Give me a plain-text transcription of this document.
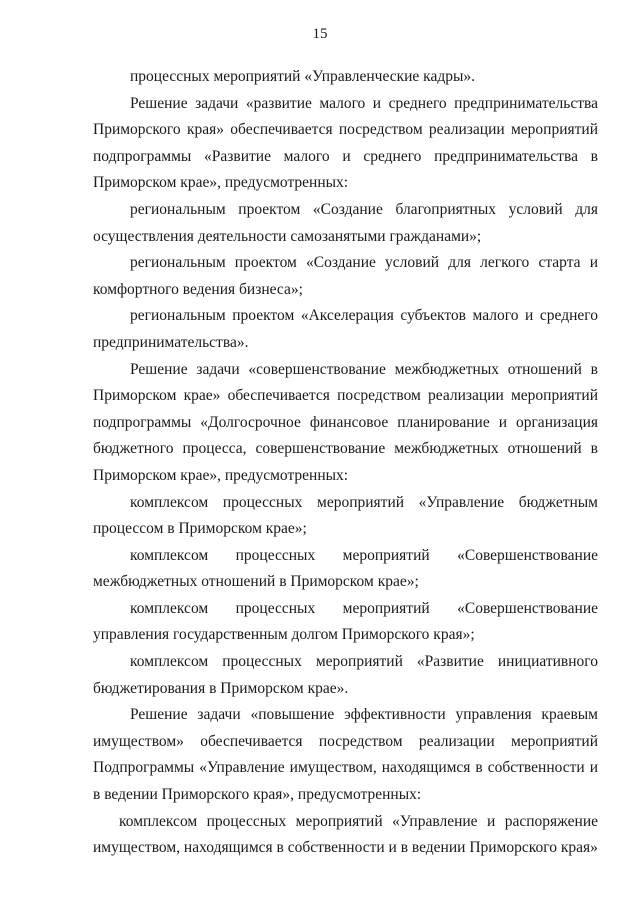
15

процессных мероприятий «Управленческие кадры».

Решение задачи «развитие малого и среднего предпринимательства Приморского края» обеспечивается посредством реализации мероприятий подпрограммы «Развитие малого и среднего предпринимательства в Приморском крае», предусмотренных:

региональным проектом «Создание благоприятных условий для осуществления деятельности самозанятыми гражданами»;

региональным проектом «Создание условий для легкого старта и комфортного ведения бизнеса»;

региональным проектом «Акселерация субъектов малого и среднего предпринимательства».

Решение задачи «совершенствование межбюджетных отношений в Приморском крае» обеспечивается посредством реализации мероприятий подпрограммы «Долгосрочное финансовое планирование и организация бюджетного процесса, совершенствование межбюджетных отношений в Приморском крае», предусмотренных:

комплексом процессных мероприятий «Управление бюджетным процессом в Приморском крае»;

комплексом процессных мероприятий «Совершенствование межбюджетных отношений в Приморском крае»;

комплексом процессных мероприятий «Совершенствование управления государственным долгом Приморского края»;

комплексом процессных мероприятий «Развитие инициативного бюджетирования в Приморском крае».

Решение задачи «повышение эффективности управления краевым имуществом» обеспечивается посредством реализации мероприятий Подпрограммы «Управление имуществом, находящимся в собственности и в ведении Приморского края», предусмотренных:

комплексом процессных мероприятий «Управление и распоряжение имуществом, находящимся в собственности и в ведении Приморского края»
